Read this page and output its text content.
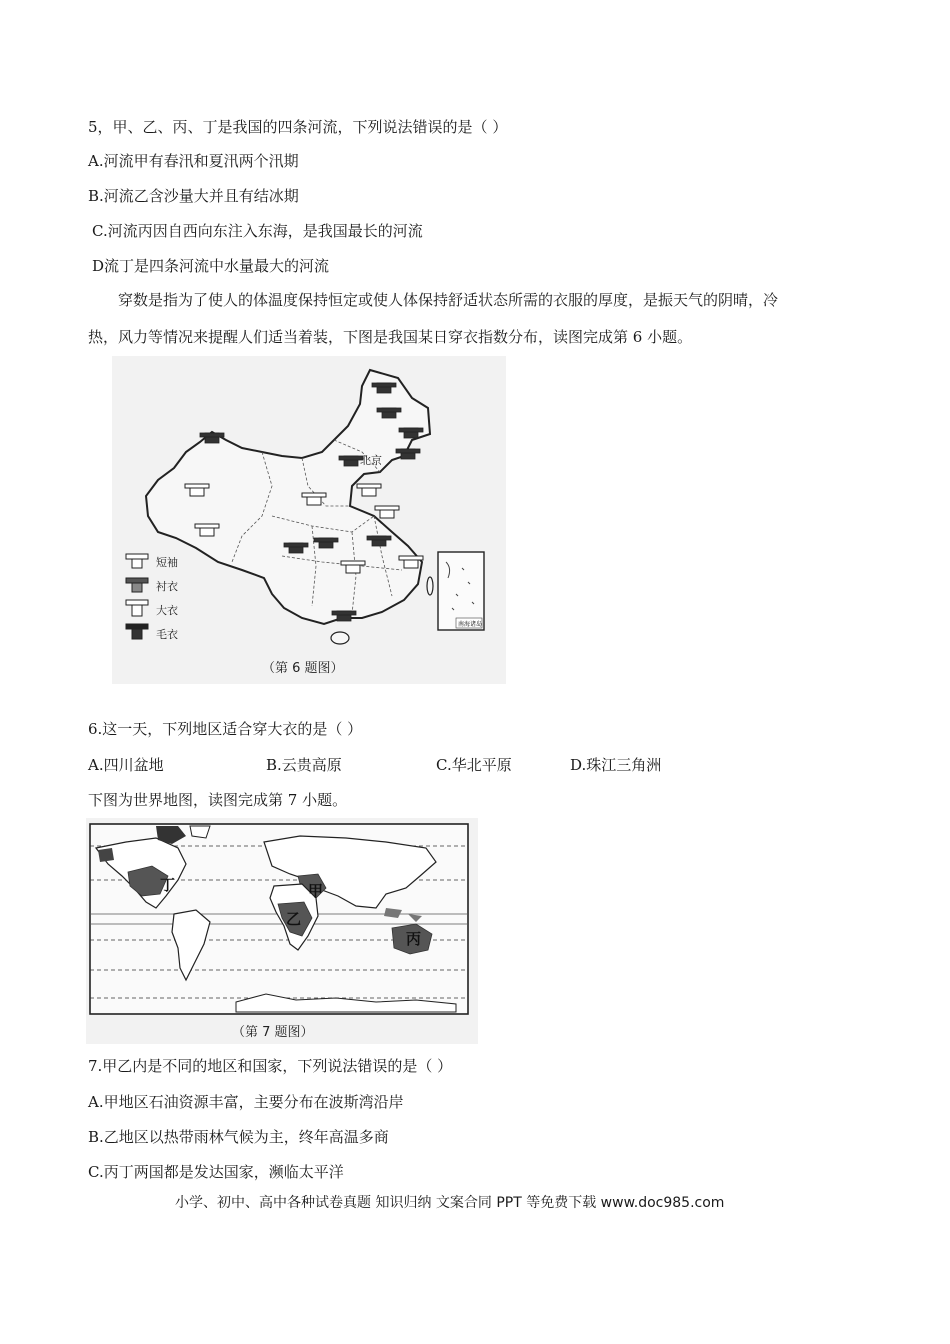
5，甲、乙、丙、丁是我国的四条河流，下列说法错误的是（ ）
A.河流甲有春汛和夏汛两个汛期
B.河流乙含沙量大并且有结冰期
C.河流丙因自西向东注入东海，是我国最长的河流
D流丁是四条河流中水量最大的河流
穿数是指为了使人的体温度保持恒定或使人体保持舒适状态所需的衣服的厚度，是振天气的阴晴，冷
热，风力等情况来提醒人们适当着装，下图是我国某日穿衣指数分布，读图完成第 6 小题。
北京
短袖
衬衣
大衣
毛衣
南海诸岛
（第 6 题图）
6.这一天，下列地区适合穿大衣的是（ ）
A.四川盆地	B.云贵高原	C.华北平原	D.珠江三角洲
下图为世界地图，读图完成第 7 小题。
丁	甲
乙
丙
（第 7 题图）
7.甲乙内是不同的地区和国家，下列说法错误的是（ ）
A.甲地区石油资源丰富，主要分布在波斯湾沿岸
B.乙地区以热带雨林气候为主，终年高温多商
C.丙丁两国都是发达国家，濒临太平洋
小学、初中、高中各种试卷真题 知识归纳 文案合同 PPT 等免费下载 www.doc985.com
